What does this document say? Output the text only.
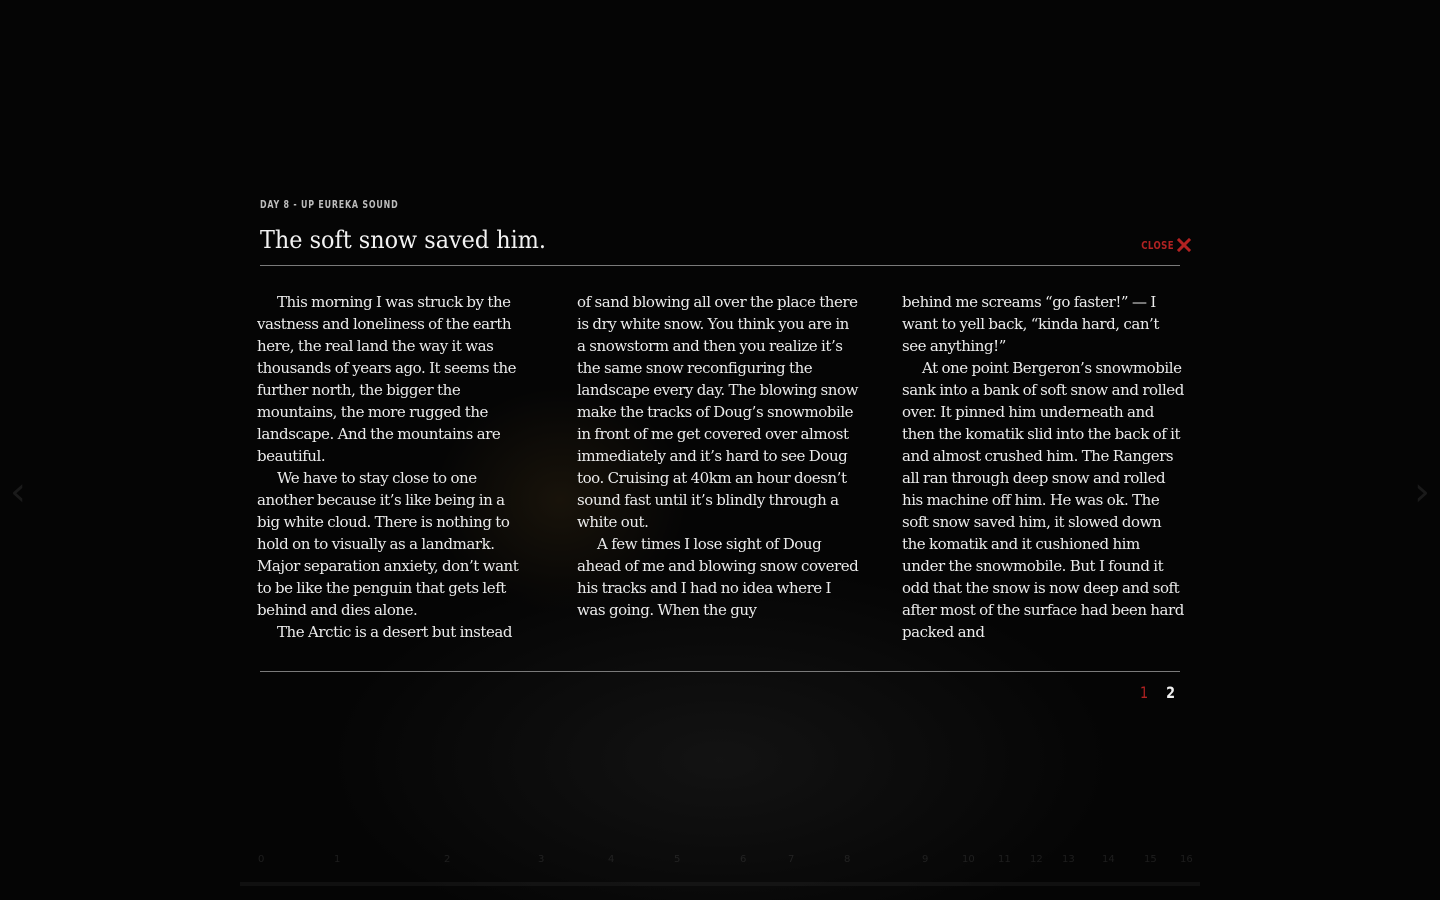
‹	›
DAY 8 - UP EUREKA SOUND
The soft snow saved him.	CLOSE

This morning I was struck by the vastness and loneliness of the earth here, the real land the way it was thousands of years ago. It seems the further north, the bigger the mountains, the more rugged the landscape. And the mountains are beautiful.

We have to stay close to one another because it’s like being in a big white cloud. There is nothing to hold on to visually as a landmark. Major separation anxiety, don’t want to be like the penguin that gets left behind and dies alone.

The Arctic is a desert but instead

of sand blowing all over the place there is dry white snow. You think you are in a snowstorm and then you realize it’s the same snow reconfiguring the landscape every day. The blowing snow make the tracks of Doug’s snowmobile in front of me get covered over almost immediately and it’s hard to see Doug too. Cruising at 40km an hour doesn’t sound fast until it’s blindly through a white out.

A few times I lose sight of Doug ahead of me and blowing snow covered his tracks and I had no idea where I was going. When the guy

behind me screams “go faster!” — I want to yell back, “kinda hard, can’t see anything!”

At one point Bergeron’s snowmobile sank into a bank of soft snow and rolled over. It pinned him underneath and then the komatik slid into the back of it and almost crushed him. The Rangers all ran through deep snow and rolled his machine off him. He was ok. The soft snow saved him, it slowed down the komatik and it cushioned him under the snowmobile. But I found it odd that the snow is now deep and soft after most of the surface had been hard packed and

1 2
0	1	2	3	4	5	6	7	8	9	10 11 12 13	14	15 16
